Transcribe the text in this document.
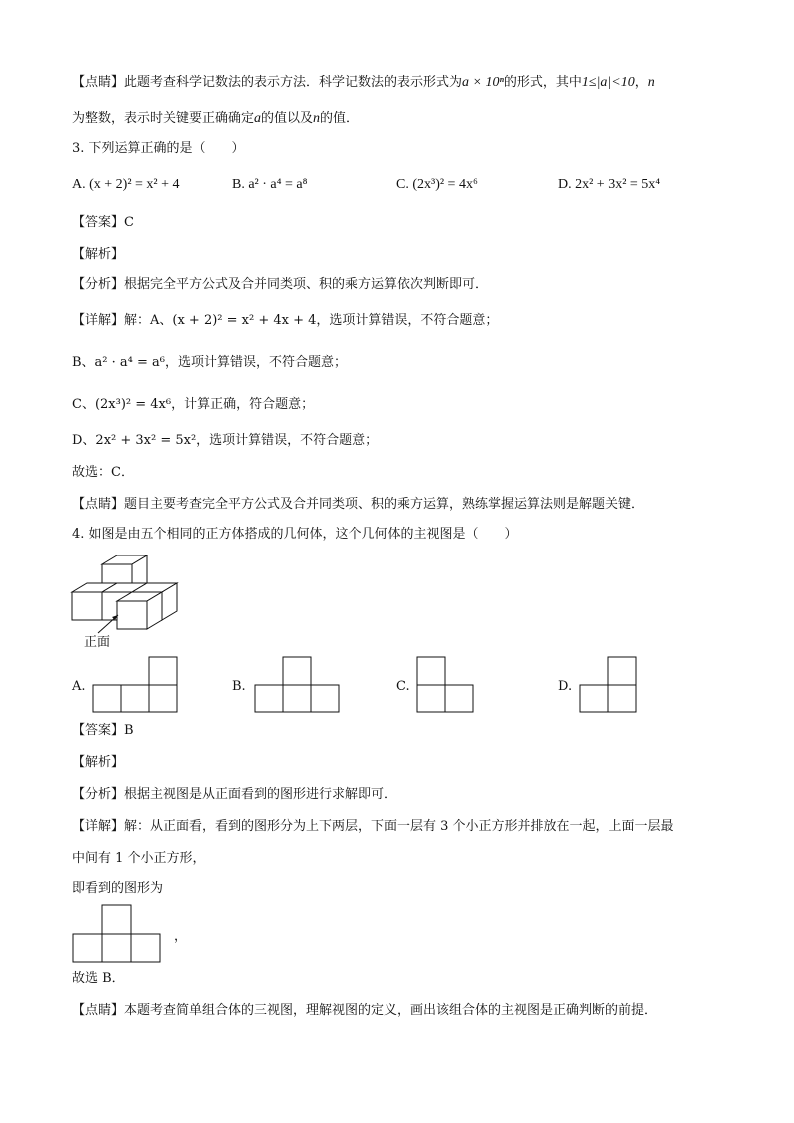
【点睛】此题考查科学记数法的表示方法．科学记数法的表示形式为a × 10ⁿ的形式，其中1≤|a|<10，n
为整数，表示时关键要正确确定a的值以及n的值．
3. 下列运算正确的是（　　）
A. (x + 2)² = x² + 4	B. a² · a⁴ = a⁸	C. (2x³)² = 4x⁶	D. 2x² + 3x² = 5x⁴
【答案】C
【解析】
【分析】根据完全平方公式及合并同类项、积的乘方运算依次判断即可．
【详解】解：A、(x + 2)² = x² + 4x + 4，选项计算错误，不符合题意；
B、a² · a⁴ = a⁶，选项计算错误，不符合题意；
C、(2x³)² = 4x⁶，计算正确，符合题意；
D、2x² + 3x² = 5x²，选项计算错误，不符合题意；
故选：C．
【点睛】题目主要考查完全平方公式及合并同类项、积的乘方运算，熟练掌握运算法则是解题关键．
4. 如图是由五个相同的正方体搭成的几何体，这个几何体的主视图是（　　）
正面
A.	B.	C.	D.
【答案】B
【解析】
【分析】根据主视图是从正面看到的图形进行求解即可．
【详解】解：从正面看，看到的图形分为上下两层，下面一层有 3 个小正方形并排放在一起，上面一层最
中间有 1 个小正方形，
即看到的图形为
，
故选 B．
【点睛】本题考查简单组合体的三视图，理解视图的定义，画出该组合体的主视图是正确判断的前提．
